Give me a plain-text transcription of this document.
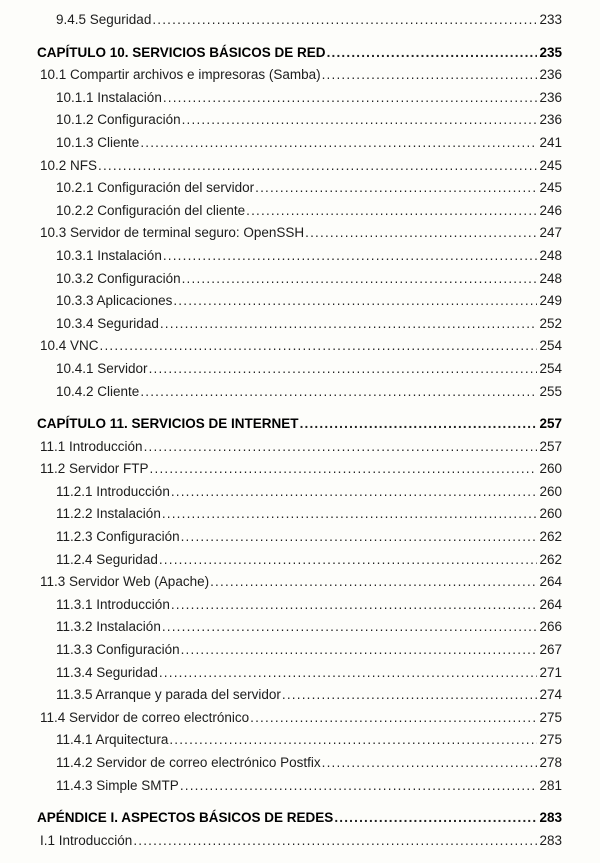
9.4.5 Seguridad .....	233
CAPÍTULO 10. SERVICIOS BÁSICOS DE RED .....	235
10.1 Compartir archivos e impresoras (Samba) .....	236
10.1.1 Instalación .....	236
10.1.2 Configuración .....	236
10.1.3 Cliente .....	241
10.2 NFS .....	245
10.2.1 Configuración del servidor .....	245
10.2.2 Configuración del cliente .....	246
10.3 Servidor de terminal seguro: OpenSSH .....	247
10.3.1 Instalación .....	248
10.3.2 Configuración .....	248
10.3.3 Aplicaciones .....	249
10.3.4 Seguridad .....	252
10.4 VNC .....	254
10.4.1 Servidor .....	254
10.4.2 Cliente .....	255
CAPÍTULO 11. SERVICIOS DE INTERNET .....	257
11.1 Introducción .....	257
11.2 Servidor FTP .....	260
11.2.1 Introducción .....	260
11.2.2 Instalación .....	260
11.2.3 Configuración .....	262
11.2.4 Seguridad .....	262
11.3 Servidor Web (Apache) .....	264
11.3.1 Introducción .....	264
11.3.2 Instalación .....	266
11.3.3 Configuración .....	267
11.3.4 Seguridad .....	271
11.3.5 Arranque y parada del servidor .....	274
11.4 Servidor de correo electrónico .....	275
11.4.1 Arquitectura .....	275
11.4.2 Servidor de correo electrónico Postfix .....	278
11.4.3 Simple SMTP .....	281
APÉNDICE I. ASPECTOS BÁSICOS DE REDES .....	283
I.1 Introducción .....	283
